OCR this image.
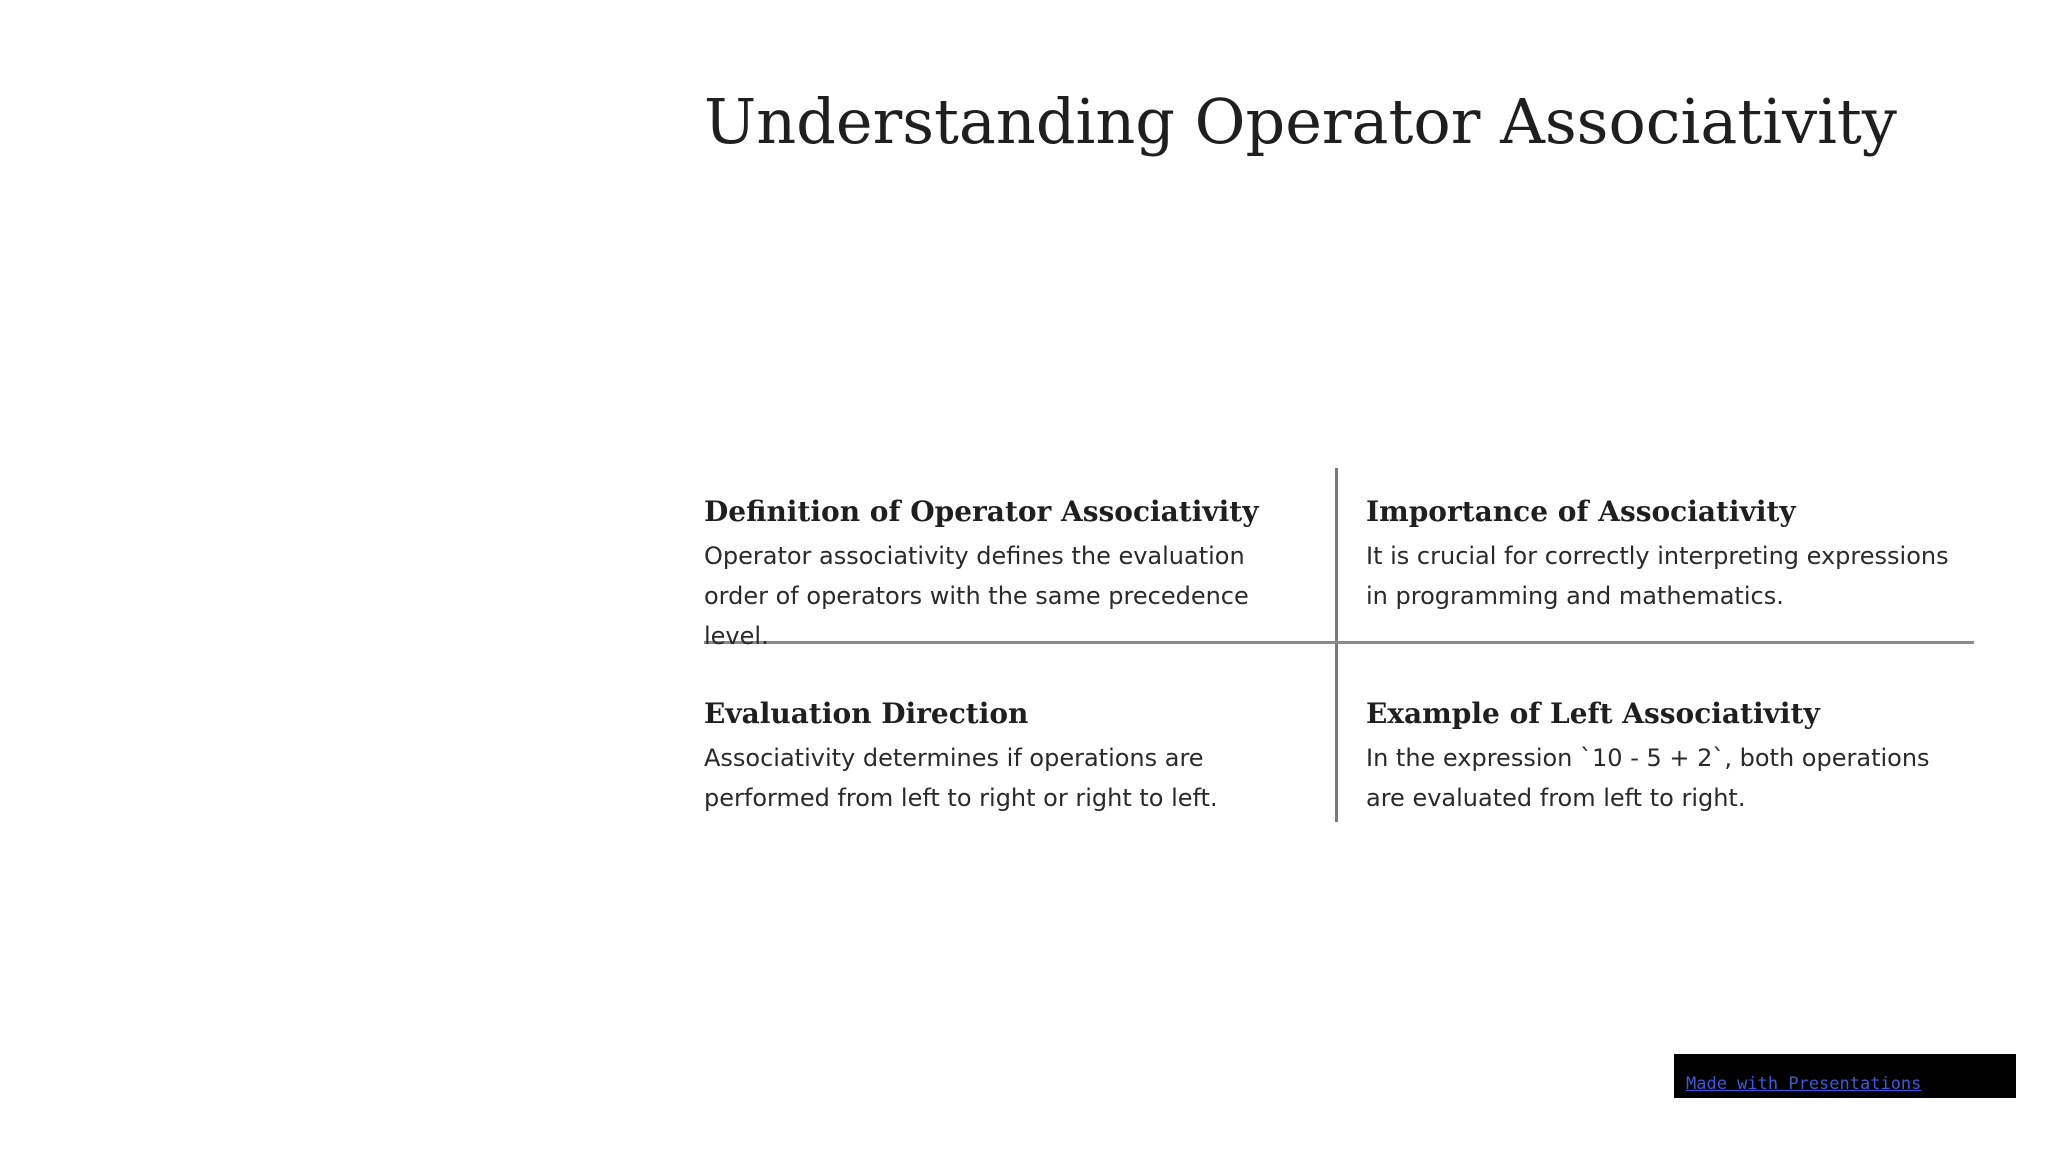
Understanding Operator Associativity
Definition of Operator Associativity

Operator associativity defines the evaluation order of operators with the same precedence level.

Importance of Associativity

It is crucial for correctly interpreting expressions in programming and mathematics.

Evaluation Direction

Associativity determines if operations are performed from left to right or right to left.

Example of Left Associativity

In the expression `10 - 5 + 2`, both operations are evaluated from left to right.

Made with Presentations
